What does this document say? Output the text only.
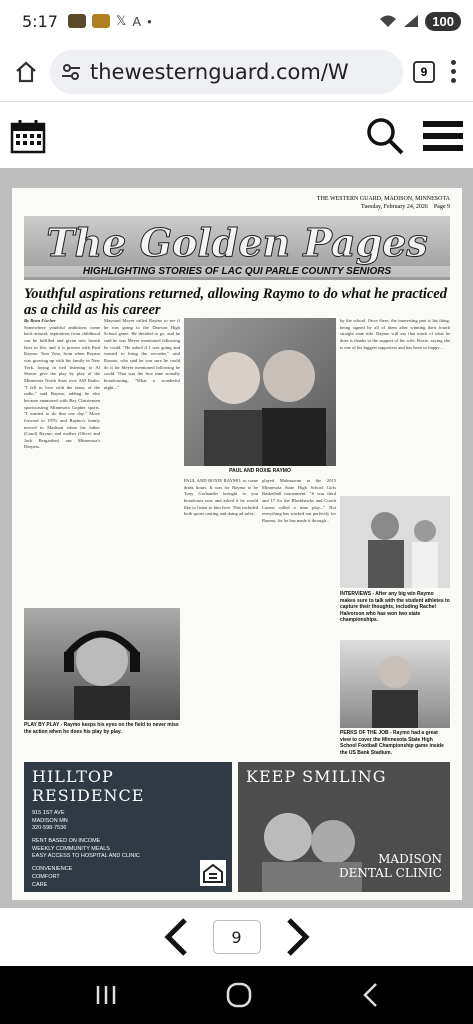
5:17	𝕏 A •	100
thewesternguard.com/W	9
THE WESTERN GUARD, MADISON, MINNESOTA
Tuesday, February 24, 2026 Page 9
The Golden Pages
HIGHLIGHTING STORIES OF LAC QUI PARLE COUNTY SENIORS
Youthful aspirations returned, allowing Raymo to do what he practiced as a child as his career
By Ryan Fischer
Somewhere youthful ambitions come back around; aspirations from childhood can be fulfilled and given new breath later in life, and it is proven with Paul Raymo. Tom Vinx, from when Raymo was growing up with his family in New York, laying in bed listening to Al Shaver give the play by play of the Minnesota North Stars over AM Radio. "I fell in love with the team, of the radio," said Raymo, adding he also became enamored with Ray Christensen sportscasting Minnesota Gopher sports. "I wanted to do that one day." Move forward to 1970, and Raymo's family moved to Madison when his father (Carol) Raymo and mother (Olive) and Jack Bergarden) ran Minnesota's Deepest.
Maynard Meyer called Raymo to see if he was going to the Dawson High School game. He decided to go, and he said he was Meyer mentioned following he could. "He asked if I was going and wanted to bring the recorder," said Raymo, who said he was sure he could do it for Meyer mentioned following he could. That was the first time actually broadcasting. "What a wonderful night..."
PAUL AND ROXIE RAYMO
PAUL AND ROXIE RAYMO. to come drink hours. It was for Raymo to be Tony Gorhander brought to you broadcasts now and asked if he would like to listen to him here. This included both sports casting and doing ad sales...
played Malmstrom at the 2015 Minnesota State High School Girls Basketball tournament. "It was third and 17 for the Blackhawks and Coach Larsen called a time play..." Not everything has worked out perfectly for Raymo, for he has made it through...
by the school. Once there, the interesting part is his thing, being signed by all of them after winning their fourth straight state title. Raymo will say that much of what he does is thanks to the support of his wife, Roxie, saying she is one of his biggest supporters and has been so happy...
INTERVIEWS - After any big win Raymo makes sure to talk with the student athletes to capture their thoughts, including Rachel Halvorson who has won two state championships.
PLAY BY PLAY - Raymo keeps his eyes on the field to never miss the action when he does his play by play.	PERKS OF THE JOB - Raymo had a great view to cover the Minnesota State High School Football Championship game inside the US Bank Stadium.
HILLTOP RESIDENCE
915 1ST AVE
MADISON MN
320-598-7536
RENT BASED ON INCOME
WEEKLY COMMUNITY MEALS
EASY ACCESS TO HOSPITAL AND CLINIC
CONVENIENCE
COMFORT
CARE
KEEP SMILING
MADISON
DENTAL CLINIC
9
